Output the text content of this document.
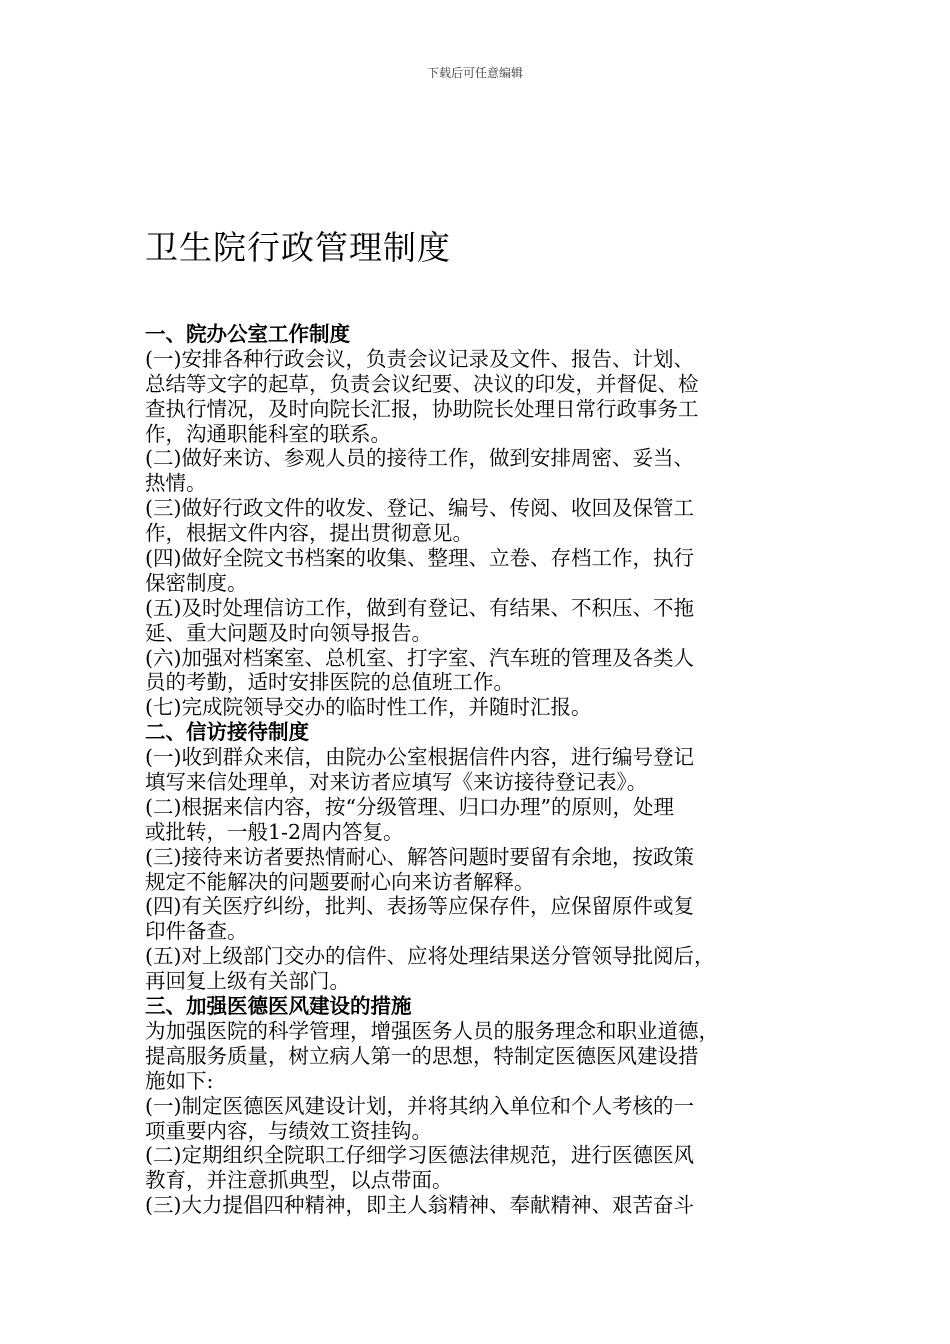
下载后可任意编辑
卫生院行政管理制度
一、院办公室工作制度
(一)安排各种行政会议，负责会议记录及文件、报告、计划、
总结等文字的起草，负责会议纪要、决议的印发，并督促、检
查执行情况，及时向院长汇报，协助院长处理日常行政事务工
作，沟通职能科室的联系。
(二)做好来访、参观人员的接待工作，做到安排周密、妥当、
热情。
(三)做好行政文件的收发、登记、编号、传阅、收回及保管工
作，根据文件内容，提出贯彻意见。
(四)做好全院文书档案的收集、整理、立卷、存档工作，执行
保密制度。
(五)及时处理信访工作，做到有登记、有结果、不积压、不拖
延、重大问题及时向领导报告。
(六)加强对档案室、总机室、打字室、汽车班的管理及各类人
员的考勤，适时安排医院的总值班工作。
(七)完成院领导交办的临时性工作，并随时汇报。
二、信访接待制度
(一)收到群众来信，由院办公室根据信件内容，进行编号登记
填写来信处理单，对来访者应填写《来访接待登记表》。
(二)根据来信内容，按“分级管理、归口办理”的原则，处理
或批转，一般1-2周内答复。
(三)接待来访者要热情耐心、解答问题时要留有余地，按政策
规定不能解决的问题要耐心向来访者解释。
(四)有关医疗纠纷，批判、表扬等应保存件，应保留原件或复
印件备查。
(五)对上级部门交办的信件、应将处理结果送分管领导批阅后，
再回复上级有关部门。
三、加强医德医风建设的措施
为加强医院的科学管理，增强医务人员的服务理念和职业道德，
提高服务质量，树立病人第一的思想，特制定医德医风建设措
施如下:
(一)制定医德医风建设计划，并将其纳入单位和个人考核的一
项重要内容，与绩效工资挂钩。
(二)定期组织全院职工仔细学习医德法律规范，进行医德医风
教育，并注意抓典型，以点带面。
(三)大力提倡四种精神，即主人翁精神、奉献精神、艰苦奋斗
